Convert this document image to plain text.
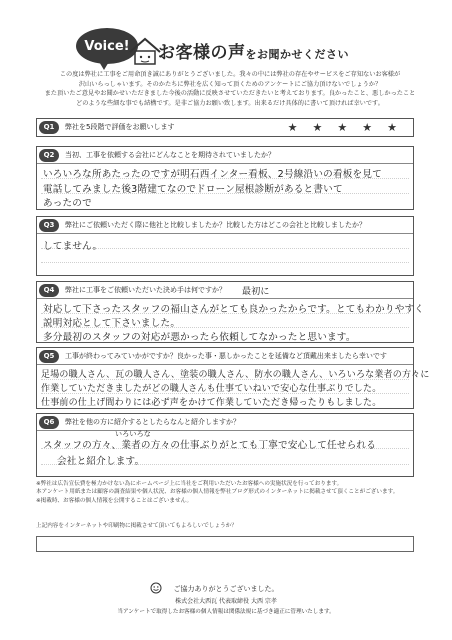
Voice!	お客様の声をお聞かせください
この度は弊社に工事をご用命頂き誠にありがとうございました。我々の中には弊社の存在やサービスをご存知ないお客様が
沢山いらっしゃいます。そのかたちに弊社を広く知って頂くためのアンケートにご協力頂けないでしょうか？
また頂いたご意見やお聞かせいただきました今後の活動に反映させていただきたいと考えております。良かったこと、悪しかったこと
どのような些細な事でも結構です。是非ご協力お願い致します。出来るだけ具体的に書いて頂ければ幸いです。
Q1	弊社を5段階で評価をお願いします	★ ★ ★ ★ ★
Q2	当初、工事を依頼する会社にどんなことを期待されていましたか？
いろいろな所あたったのですが明石西インター看板、2号線沿いの看板を見て
電話してみました後3階建てなのでドローン屋根診断があると書いて
あったので
Q3	弊社にご依頼いただく際に他社と比較しましたか？比較した方はどこの会社と比較しましたか？
してません。
Q4	弊社に工事をご依頼いただいた決め手は何ですか？ 最初に
対応して下さったスタッフの福山さんがとても良かったからです。とてもわかりやすく
説明対応として下さいました。
多分最初のスタッフの対応が悪かったら依頼してなかったと思います。
Q5	工事が終わってみていかがですか？良かった事・悪しかったことを延備など頂戴出来ましたら幸いです
足場の職人さん、瓦の職人さん、塗装の職人さん、防水の職人さん、いろいろな業者の方々に
作業していただきましたがどの職人さんも仕事ていねいで安心な仕事ぶりでした。
仕事前の仕上げ間わりには必ず声をかけて作業していただき帰ったりもしました。
Q6	弊社を他の方に紹介するとしたらなんと紹介しますか？
いろいろな
スタッフの方々、業者の方々の仕事ぶりがとても丁寧で安心して任せられる
会社と紹介します。
※弊社は広告宣伝費を極力かけない為にホームページ上に当社をご利用いただいたお客様への実施状況を行っております。
本アンケート用紙または顧客の調査結果や個人状況、お客様の個人情報を弊社ブログ形式のインターネットに掲載させて頂くことがございます。
※掲載時、お客様の個人情報を公開することはございません。
上記内容をインターネットや印刷物に掲載させて頂いてもよろしいでしょうか？
ご協力ありがとうございました。
株式会社大西瓦 代表取締役 大西 宗孝
当アンケートで取得したお客様の個人情報は関係法規に基づき適正に管理いたします。
